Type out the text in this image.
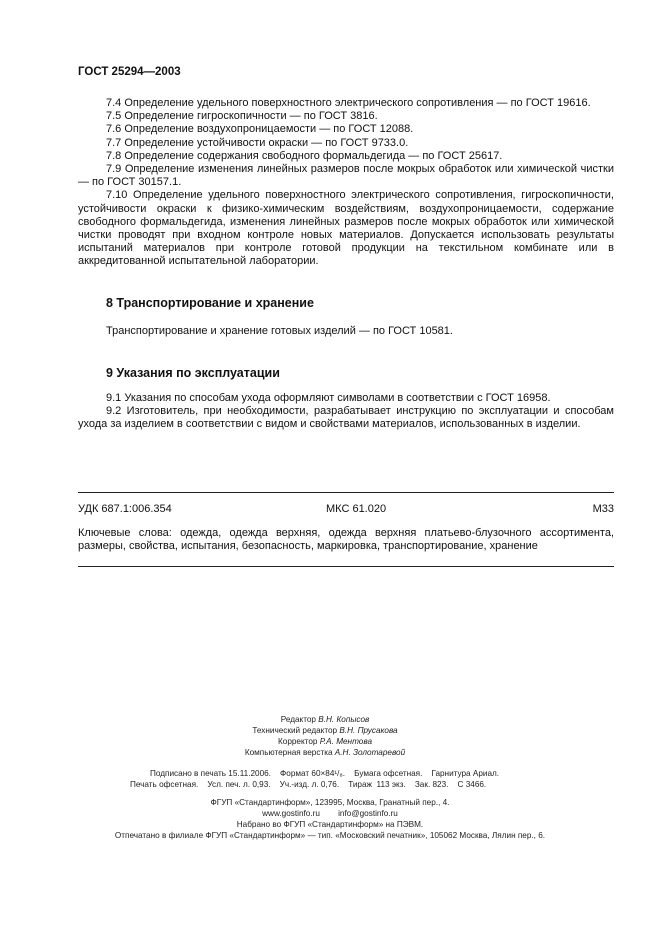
ГОСТ 25294—2003

7.4 Определение удельного поверхностного электрического сопротивления — по ГОСТ 19616.

7.5 Определение гигроскопичности — по ГОСТ 3816.

7.6 Определение воздухопроницаемости — по ГОСТ 12088.

7.7 Определение устойчивости окраски — по ГОСТ 9733.0.

7.8 Определение содержания свободного формальдегида — по ГОСТ 25617.

7.9 Определение изменения линейных размеров после мокрых обработок или химической чистки — по ГОСТ 30157.1.

7.10 Определение удельного поверхностного электрического сопротивления, гигроскопичности, устойчивости окраски к физико-химическим воздействиям, воздухопроницаемости, содержание свободного формальдегида, изменения линейных размеров после мокрых обработок или химической чистки проводят при входном контроле новых материалов. Допускается использовать результаты испытаний материалов при контроле готовой продукции на текстильном комбинате или в аккредитованной испытательной лаборатории.

8 Транспортирование и хранение
Транспортирование и хранение готовых изделий — по ГОСТ 10581.
9 Указания по эксплуатации

9.1 Указания по способам ухода оформляют символами в соответствии с ГОСТ 16958.

9.2 Изготовитель, при необходимости, разрабатывает инструкцию по эксплуатации и способам ухода за изделием в соответствии с видом и свойствами материалов, использованных в изделии.

УДК 687.1:006.354	МКС 61.020	М33
Ключевые слова: одежда, одежда верхняя, одежда верхняя платьево-блузочного ассортимента, размеры, свойства, испытания, безопасность, маркировка, транспортирование, хранение
Редактор В.Н. Копысов
Технический редактор В.Н. Прусакова
Корректор Р.А. Ментова
Компьютерная верстка А.Н. Золотаревой
Подписано в печать 15.11.2006.    Формат 60×84¹/₈.    Бумага офсетная.    Гарнитура Ариал.
Печать офсетная.    Усл. печ. л. 0,93.    Уч.-изд. л. 0,76.    Тираж  113 экз.    Зак. 823.    С 3466.
ФГУП «Стандартинформ», 123995, Москва, Гранатный пер., 4.
www.gostinfo.ru        info@gostinfo.ru
Набрано во ФГУП «Стандартинформ» на ПЭВМ.
Отпечатано в филиале ФГУП «Стандартинформ» — тип. «Московский печатник», 105062 Москва, Лялин пер., 6.
